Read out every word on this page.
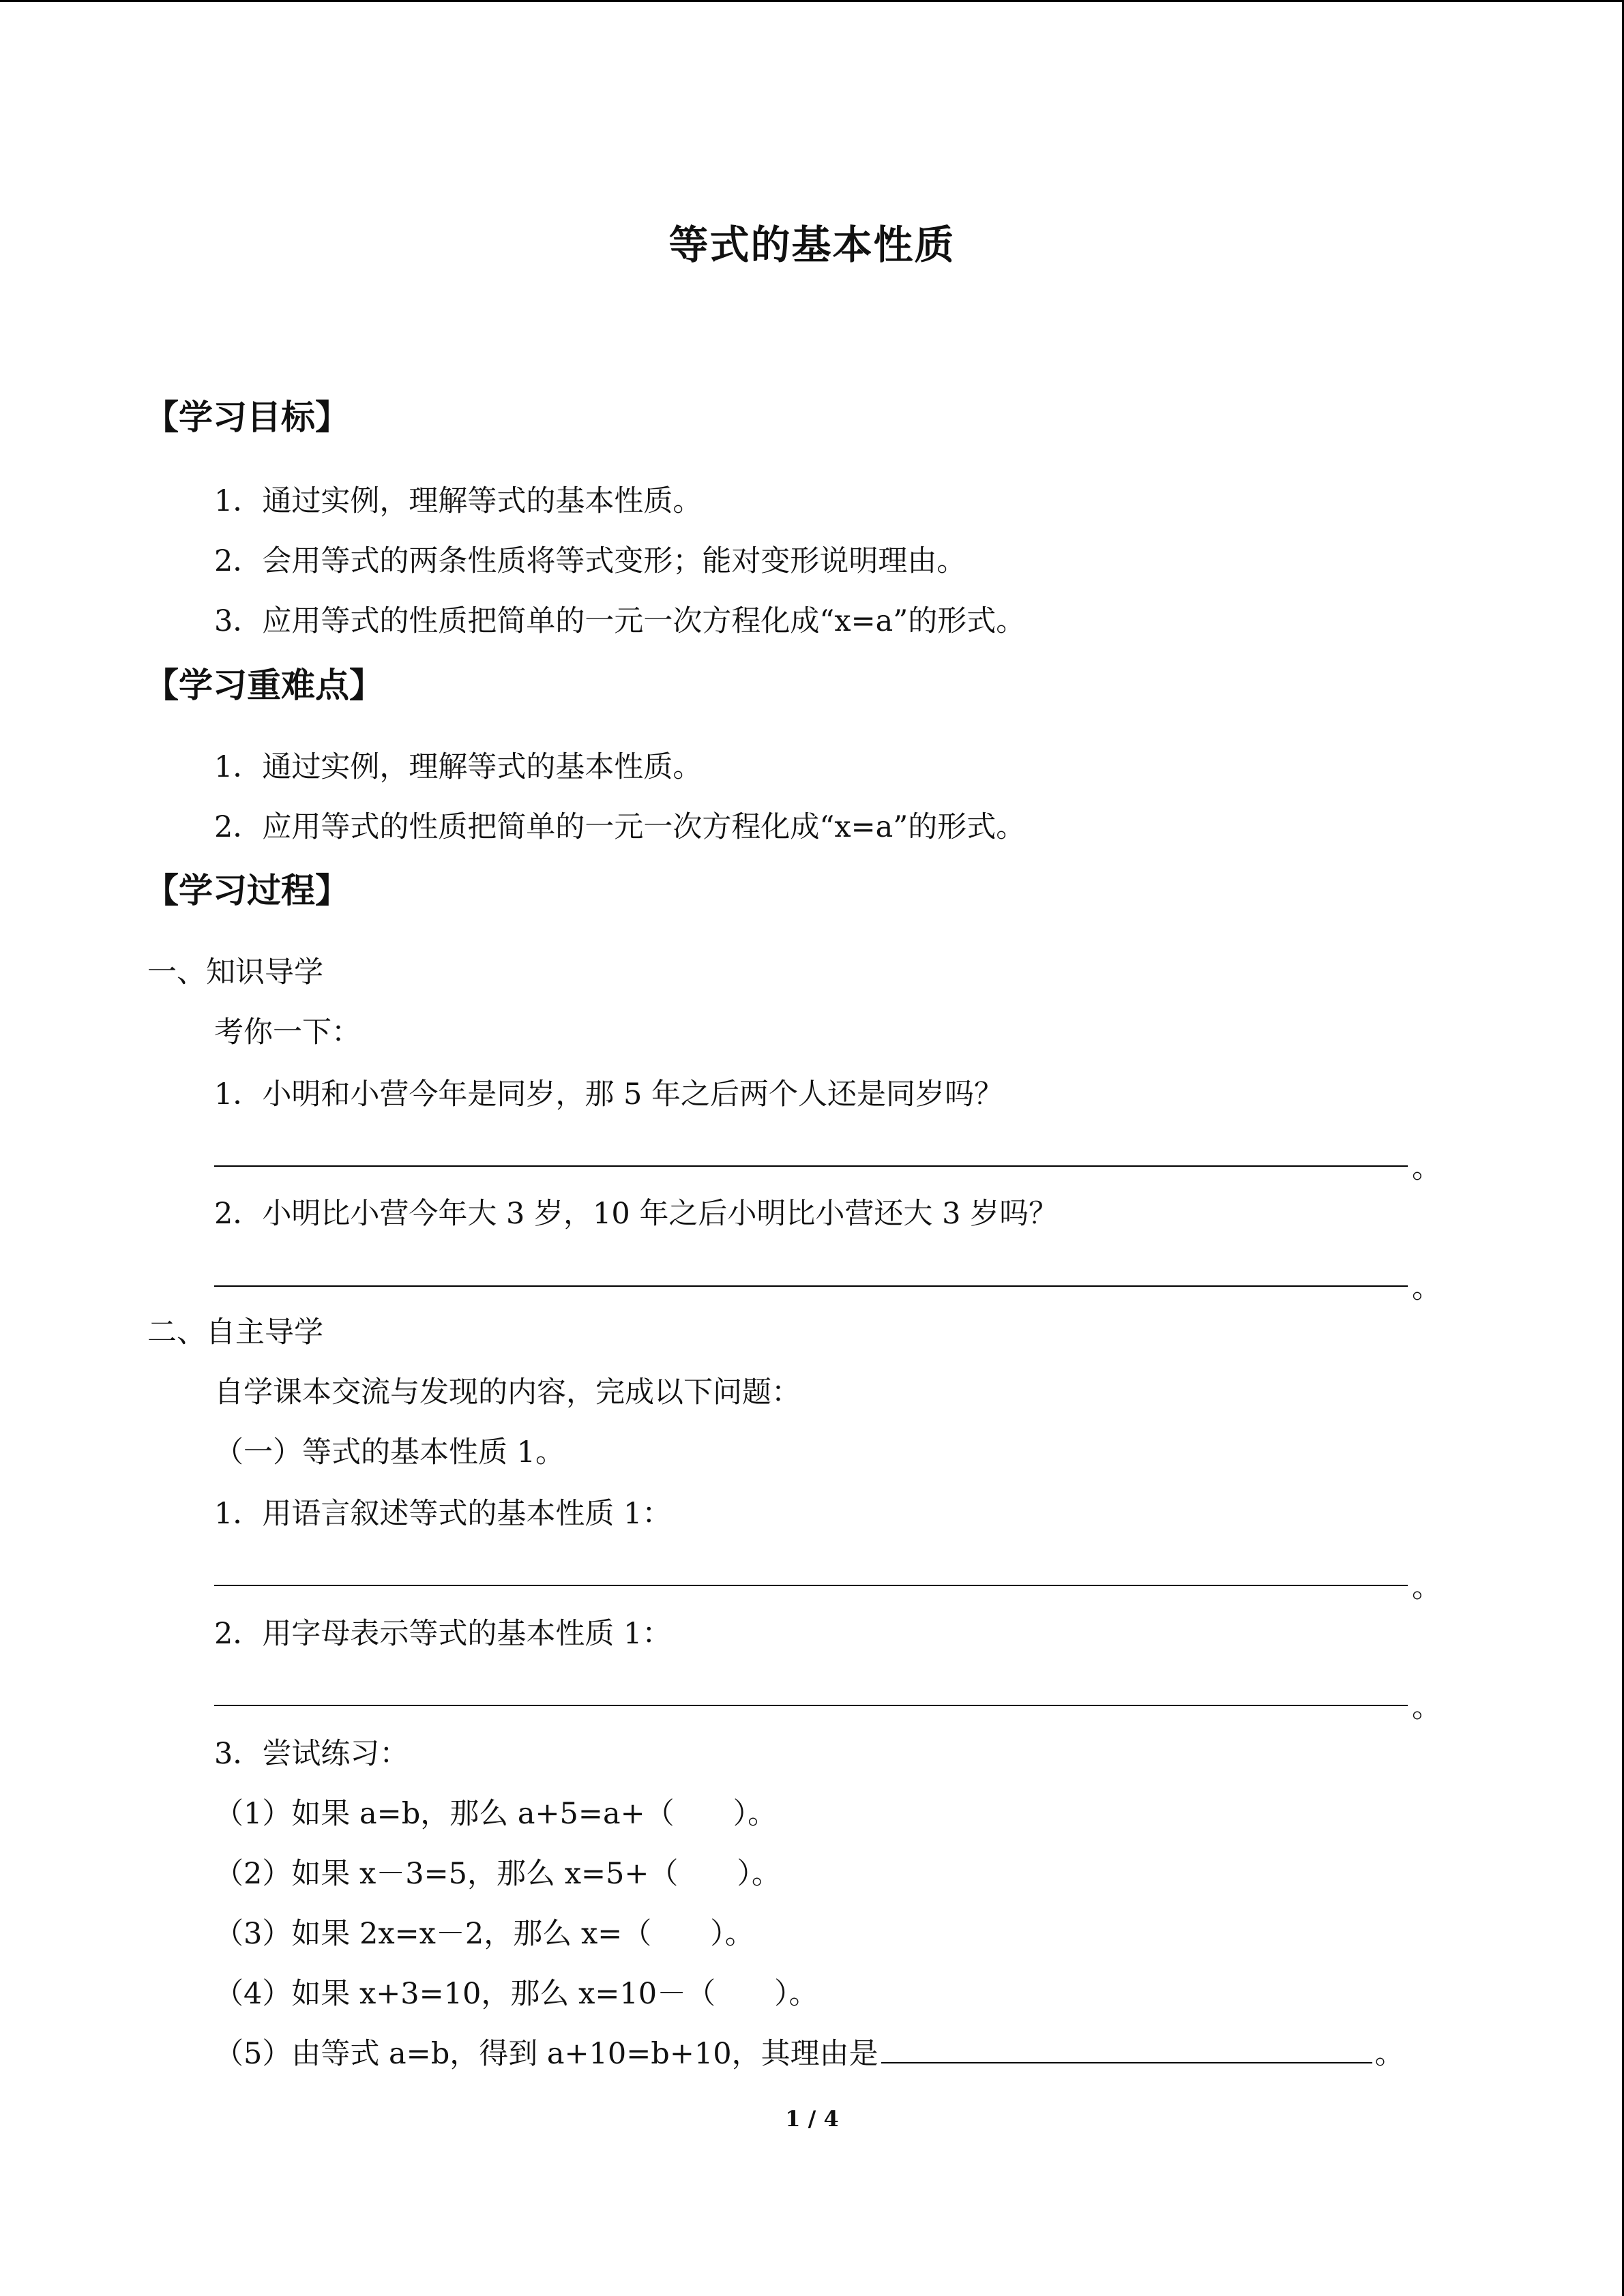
等式的基本性质
【学习目标】
1．通过实例，理解等式的基本性质。
2．会用等式的两条性质将等式变形；能对变形说明理由。
3．应用等式的性质把简单的一元一次方程化成“x=a”的形式。
【学习重难点】
1．通过实例，理解等式的基本性质。
2．应用等式的性质把简单的一元一次方程化成“x=a”的形式。
【学习过程】
一、知识导学
考你一下：
1．小明和小营今年是同岁，那 5 年之后两个人还是同岁吗？
。
2．小明比小营今年大 3 岁，10 年之后小明比小营还大 3 岁吗？
。
二、自主导学
自学课本交流与发现的内容，完成以下问题：
（一）等式的基本性质 1。
1．用语言叙述等式的基本性质 1：
。
2．用字母表示等式的基本性质 1：
。
3．尝试练习：
（1）如果 a=b，那么 a+5=a+（　　）。
（2）如果 x－3=5，那么 x=5+（　　）。
（3）如果 2x=x－2，那么 x=（　　）。
（4）如果 x+3=10，那么 x=10－（　　）。
（5）由等式 a=b，得到 a+10=b+10，其理由是	。
1 / 4
